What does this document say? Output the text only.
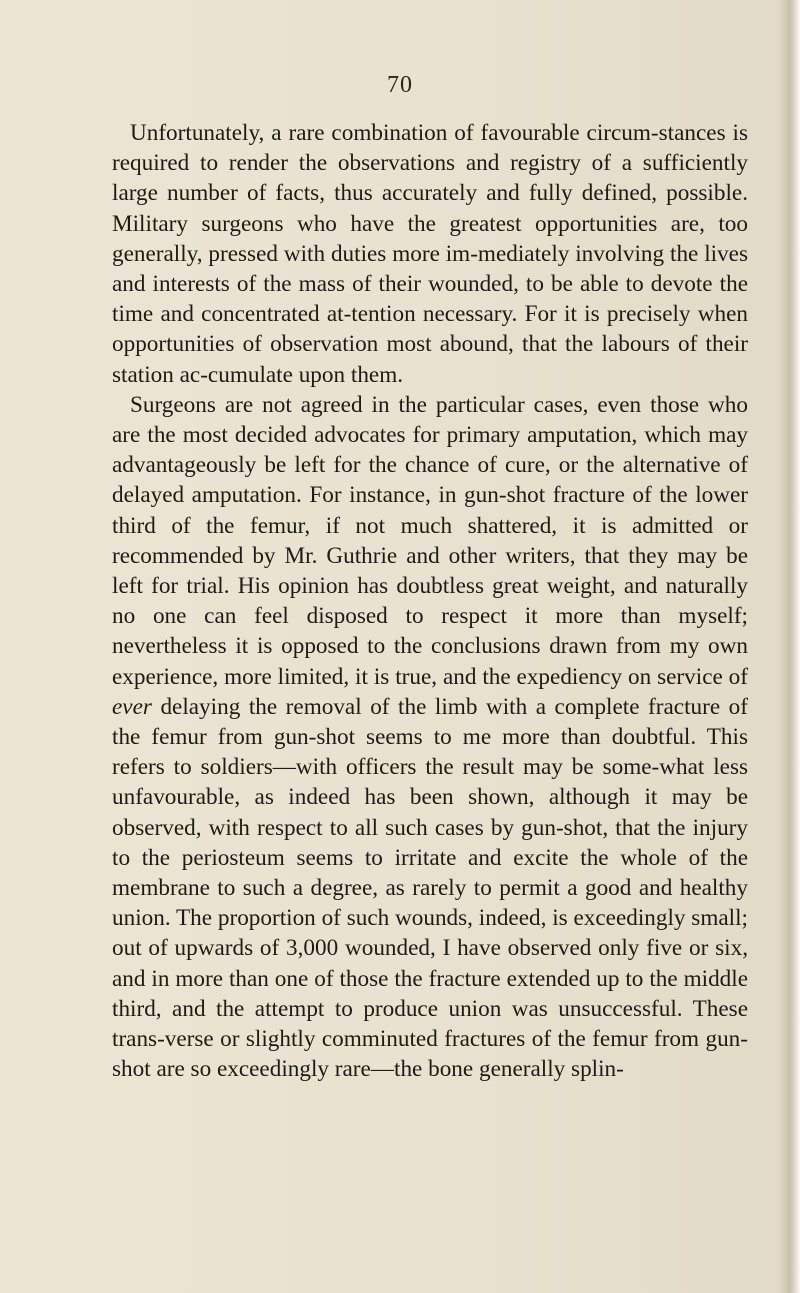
70

Unfortunately, a rare combination of favourable circum-stances is required to render the observations and registry of a sufficiently large number of facts, thus accurately and fully defined, possible. Military surgeons who have the greatest opportunities are, too generally, pressed with duties more im-mediately involving the lives and interests of the mass of their wounded, to be able to devote the time and concentrated at-tention necessary. For it is precisely when opportunities of observation most abound, that the labours of their station ac-cumulate upon them.

Surgeons are not agreed in the particular cases, even those who are the most decided advocates for primary amputation, which may advantageously be left for the chance of cure, or the alternative of delayed amputation. For instance, in gun-shot fracture of the lower third of the femur, if not much shattered, it is admitted or recommended by Mr. Guthrie and other writers, that they may be left for trial. His opinion has doubtless great weight, and naturally no one can feel disposed to respect it more than myself; nevertheless it is opposed to the conclusions drawn from my own experience, more limited, it is true, and the expediency on service of ever delaying the removal of the limb with a complete fracture of the femur from gun-shot seems to me more than doubtful. This refers to soldiers—with officers the result may be some-what less unfavourable, as indeed has been shown, although it may be observed, with respect to all such cases by gun-shot, that the injury to the periosteum seems to irritate and excite the whole of the membrane to such a degree, as rarely to permit a good and healthy union. The proportion of such wounds, indeed, is exceedingly small; out of upwards of 3,000 wounded, I have observed only five or six, and in more than one of those the fracture extended up to the middle third, and the attempt to produce union was unsuccessful. These trans-verse or slightly comminuted fractures of the femur from gun-shot are so exceedingly rare—the bone generally splin-
